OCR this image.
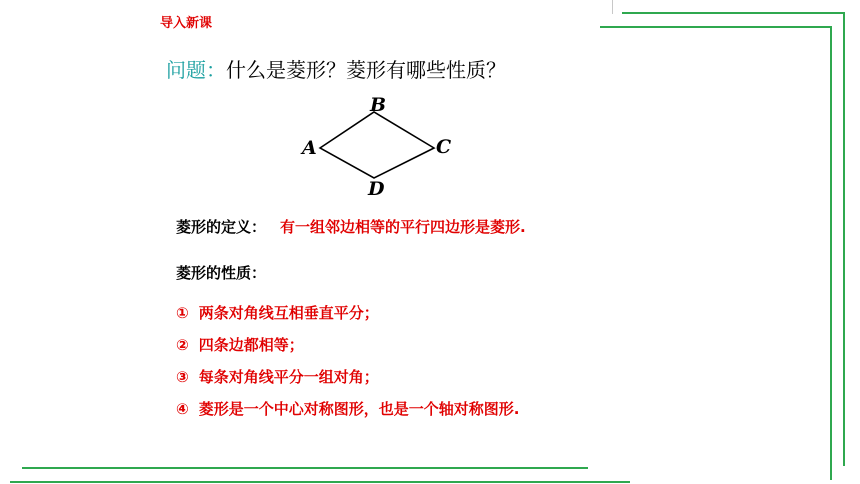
导入新课
问题：什么是菱形？菱形有哪些性质？
A
B
C
D
菱形的定义： 有一组邻边相等的平行四边形是菱形.
菱形的性质：
① 两条对角线互相垂直平分；
② 四条边都相等；
③ 每条对角线平分一组对角；
④ 菱形是一个中心对称图形，也是一个轴对称图形.
